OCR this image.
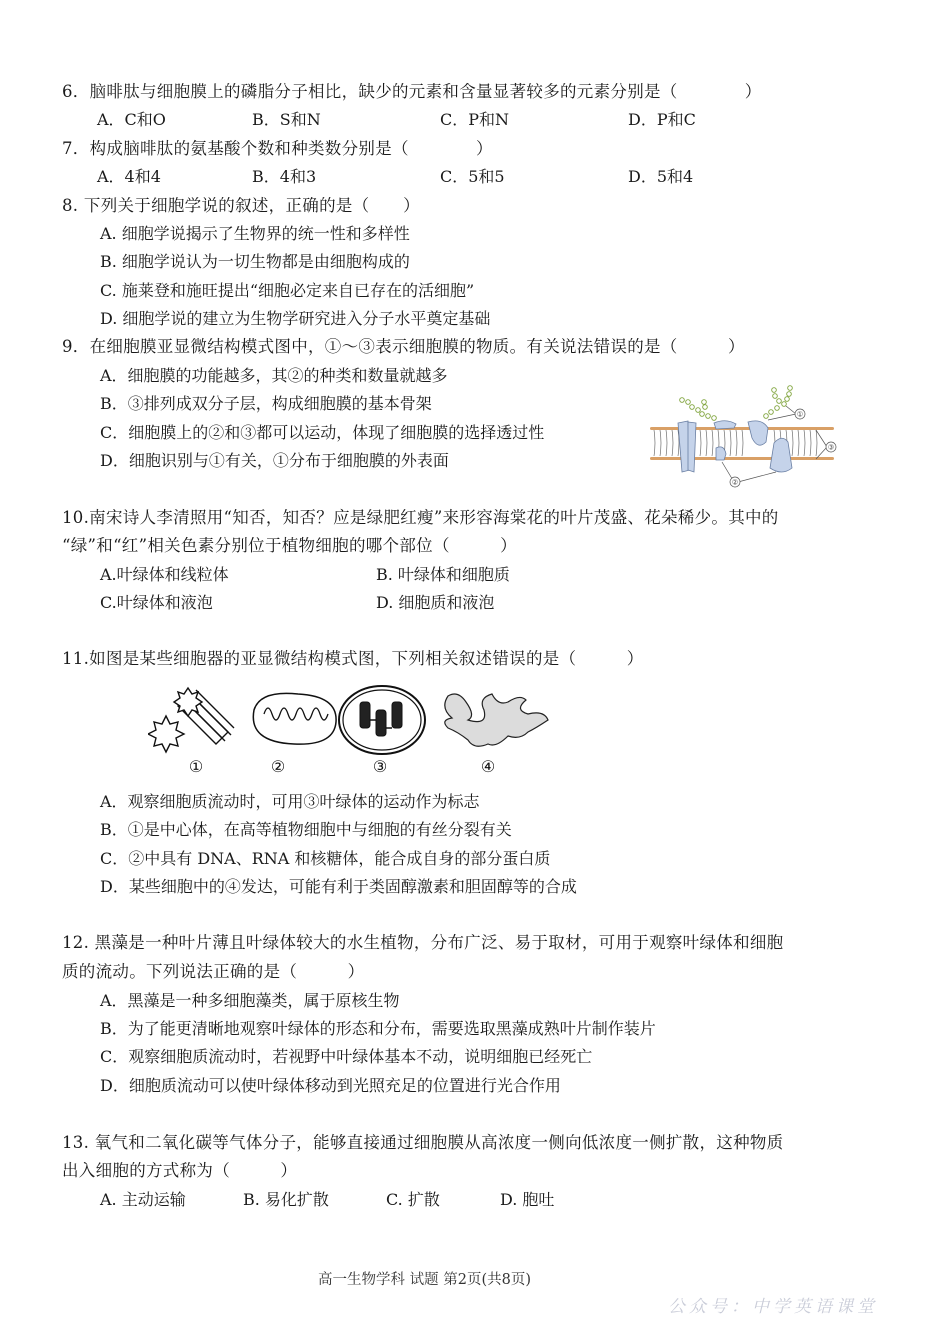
6．脑啡肽与细胞膜上的磷脂分子相比，缺少的元素和含量显著较多的元素分别是（　　　　）
A．C和O	B．S和N	C．P和N	D．P和C
7．构成脑啡肽的氨基酸个数和种类数分别是（　　　　）
A．4和4	B．4和3	C．5和5	D．5和4
8. 下列关于细胞学说的叙述，正确的是（　　）
A. 细胞学说揭示了生物界的统一性和多样性
B. 细胞学说认为一切生物都是由细胞构成的
C. 施莱登和施旺提出“细胞必定来自已存在的活细胞”
D. 细胞学说的建立为生物学研究进入分子水平奠定基础
9．在细胞膜亚显微结构模式图中，①～③表示细胞膜的物质。有关说法错误的是（　　　）
A．细胞膜的功能越多，其②的种类和数量就越多
B．③排列成双分子层，构成细胞膜的基本骨架
C．细胞膜上的②和③都可以运动，体现了细胞膜的选择透过性
D．细胞识别与①有关，①分布于细胞膜的外表面
①
③
②
10.南宋诗人李清照用“知否，知否？应是绿肥红瘦”来形容海棠花的叶片茂盛、花朵稀少。其中的
“绿”和“红”相关色素分别位于植物细胞的哪个部位（　　　）
A.叶绿体和线粒体	B. 叶绿体和细胞质
C.叶绿体和液泡	D. 细胞质和液泡
11.如图是某些细胞器的亚显微结构模式图，下列相关叙述错误的是（　　　）
①	②	③	④
A．观察细胞质流动时，可用③叶绿体的运动作为标志
B．①是中心体，在高等植物细胞中与细胞的有丝分裂有关
C．②中具有 DNA、RNA 和核糖体，能合成自身的部分蛋白质
D．某些细胞中的④发达，可能有利于类固醇激素和胆固醇等的合成
12. 黑藻是一种叶片薄且叶绿体较大的水生植物，分布广泛、易于取材，可用于观察叶绿体和细胞
质的流动。下列说法正确的是（　　　）
A．黑藻是一种多细胞藻类，属于原核生物
B．为了能更清晰地观察叶绿体的形态和分布，需要选取黑藻成熟叶片制作装片
C．观察细胞质流动时，若视野中叶绿体基本不动，说明细胞已经死亡
D．细胞质流动可以使叶绿体移动到光照充足的位置进行光合作用
13. 氧气和二氧化碳等气体分子，能够直接通过细胞膜从高浓度一侧向低浓度一侧扩散，这种物质
出入细胞的方式称为（　　　）
A. 主动运输	B. 易化扩散	C. 扩散	D. 胞吐
高一生物学科 试题 第2页(共8页)
公众号：中学英语课堂
